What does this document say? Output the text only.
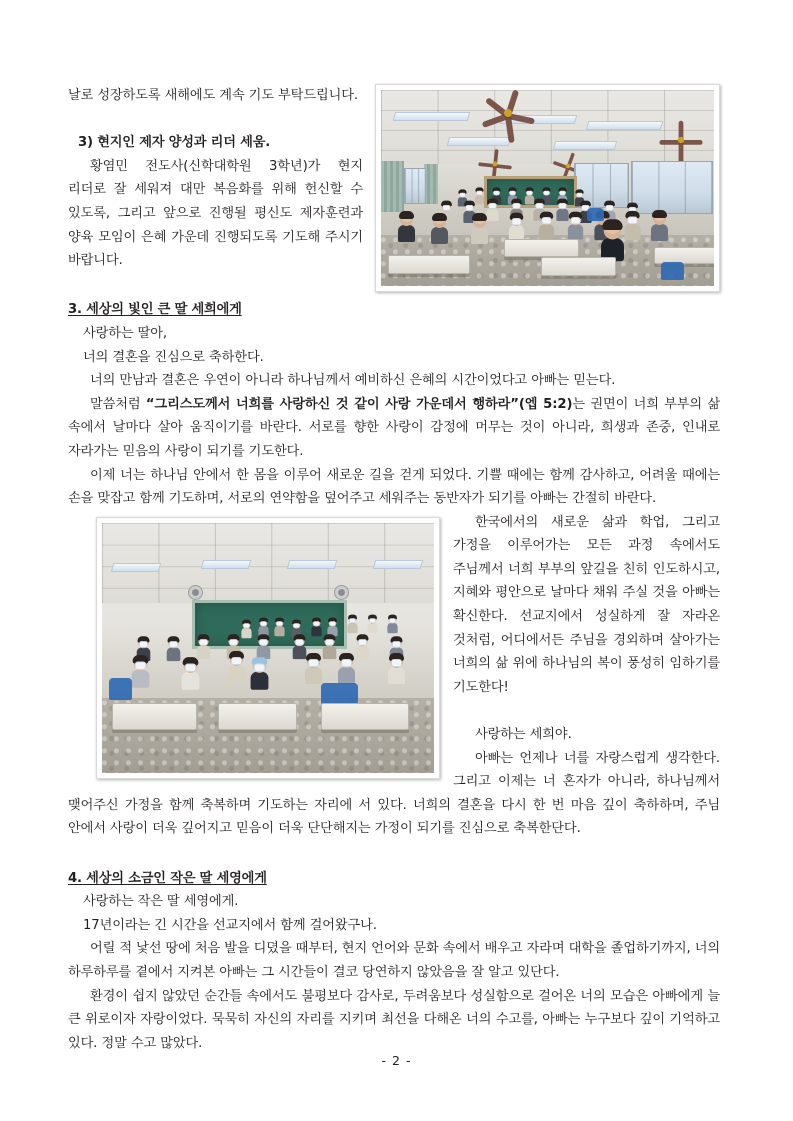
날로 성장하도록 새해에도 계속 기도 부탁드립니다.

3) 현지인 제자 양성과 리더 세움.

황염민 전도사(신학대학원 3학년)가 현지 리더로 잘 세워져 대만 복음화를 위해 헌신할 수 있도록, 그리고 앞으로 진행될 평신도 제자훈련과 양육 모임이 은혜 가운데 진행되도록 기도해 주시기 바랍니다.

3. 세상의 빛인 큰 딸 세희에게

사랑하는 딸아,

너의 결혼을 진심으로 축하한다.

너의 만남과 결혼은 우연이 아니라 하나님께서 예비하신 은혜의 시간이었다고 아빠는 믿는다.

말씀처럼 “그리스도께서 너희를 사랑하신 것 같이 사랑 가운데서 행하라”(엡 5:2)는 권면이 너희 부부의 삶 속에서 날마다 살아 움직이기를 바란다. 서로를 향한 사랑이 감정에 머무는 것이 아니라, 희생과 존중, 인내로 자라가는 믿음의 사랑이 되기를 기도한다.

이제 너는 하나님 안에서 한 몸을 이루어 새로운 길을 걷게 되었다. 기쁠 때에는 함께 감사하고, 어려울 때에는 손을 맞잡고 함께 기도하며, 서로의 연약함을 덮어주고 세워주는 동반자가 되기를 아빠는 간절히 바란다.

한국에서의 새로운 삶과 학업, 그리고 가정을 이루어가는 모든 과정 속에서도 주님께서 너희 부부의 앞길을 친히 인도하시고, 지혜와 평안으로 날마다 채워 주실 것을 아빠는 확신한다. 선교지에서 성실하게 잘 자라온 것처럼, 어디에서든 주님을 경외하며 살아가는 너희의 삶 위에 하나님의 복이 풍성히 임하기를 기도한다!

사랑하는 세희야.

아빠는 언제나 너를 자랑스럽게 생각한다. 그리고 이제는 너 혼자가 아니라, 하나님께서 맺어주신 가정을 함께 축복하며 기도하는 자리에 서 있다. 너희의 결혼을 다시 한 번 마음 깊이 축하하며, 주님 안에서 사랑이 더욱 깊어지고 믿음이 더욱 단단해지는 가정이 되기를 진심으로 축복한단다.

4. 세상의 소금인 작은 딸 세영에게

사랑하는 작은 딸 세영에게.

17년이라는 긴 시간을 선교지에서 함께 걸어왔구나.

어릴 적 낯선 땅에 처음 발을 디뎠을 때부터, 현지 언어와 문화 속에서 배우고 자라며 대학을 졸업하기까지, 너의 하루하루를 곁에서 지켜본 아빠는 그 시간들이 결코 당연하지 않았음을 잘 알고 있단다.

환경이 쉽지 않았던 순간들 속에서도 불평보다 감사로, 두려움보다 성실함으로 걸어온 너의 모습은 아빠에게 늘 큰 위로이자 자랑이었다. 묵묵히 자신의 자리를 지키며 최선을 다해온 너의 수고를, 아빠는 누구보다 깊이 기억하고 있다. 정말 수고 많았다.

- 2 -
